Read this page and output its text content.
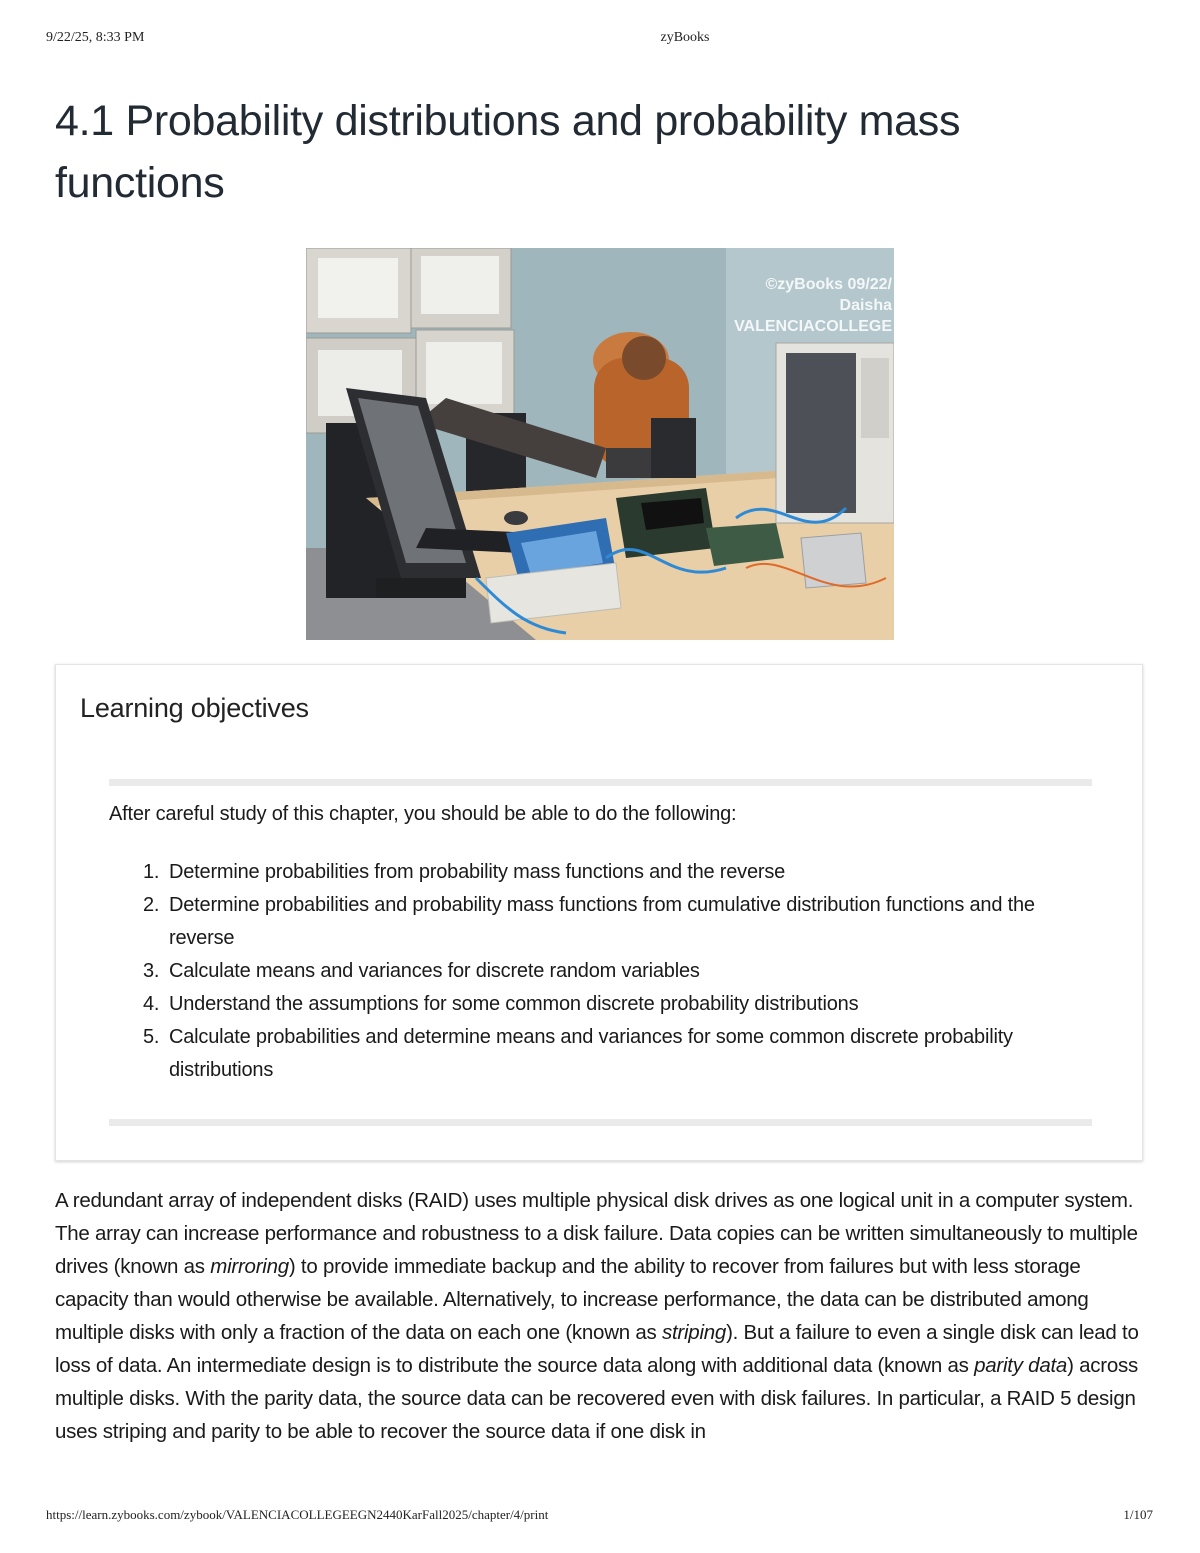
9/22/25, 8:33 PM	zyBooks
4.1 Probability distributions and probability mass functions
©zyBooks 09/22/
Daisha
VALENCIACOLLEGE
Learning objectives

After careful study of this chapter, you should be able to do the following:

1. Determine probabilities from probability mass functions and the reverse
2. Determine probabilities and probability mass functions from cumulative distribution functions and the reverse
3. Calculate means and variances for discrete random variables
4. Understand the assumptions for some common discrete probability distributions
5. Calculate probabilities and determine means and variances for some common discrete probability distributions

A redundant array of independent disks (RAID) uses multiple physical disk drives as one logical unit in a computer system. The array can increase performance and robustness to a disk failure. Data copies can be written simultaneously to multiple drives (known as mirroring) to provide immediate backup and the ability to recover from failures but with less storage capacity than would otherwise be available. Alternatively, to increase performance, the data can be distributed among multiple disks with only a fraction of the data on each one (known as striping). But a failure to even a single disk can lead to loss of data. An intermediate design is to distribute the source data along with additional data (known as parity data) across multiple disks. With the parity data, the source data can be recovered even with disk failures. In particular, a RAID 5 design uses striping and parity to be able to recover the source data if one disk in

https://learn.zybooks.com/zybook/VALENCIACOLLEGEEGN2440KarFall2025/chapter/4/print	1/107
